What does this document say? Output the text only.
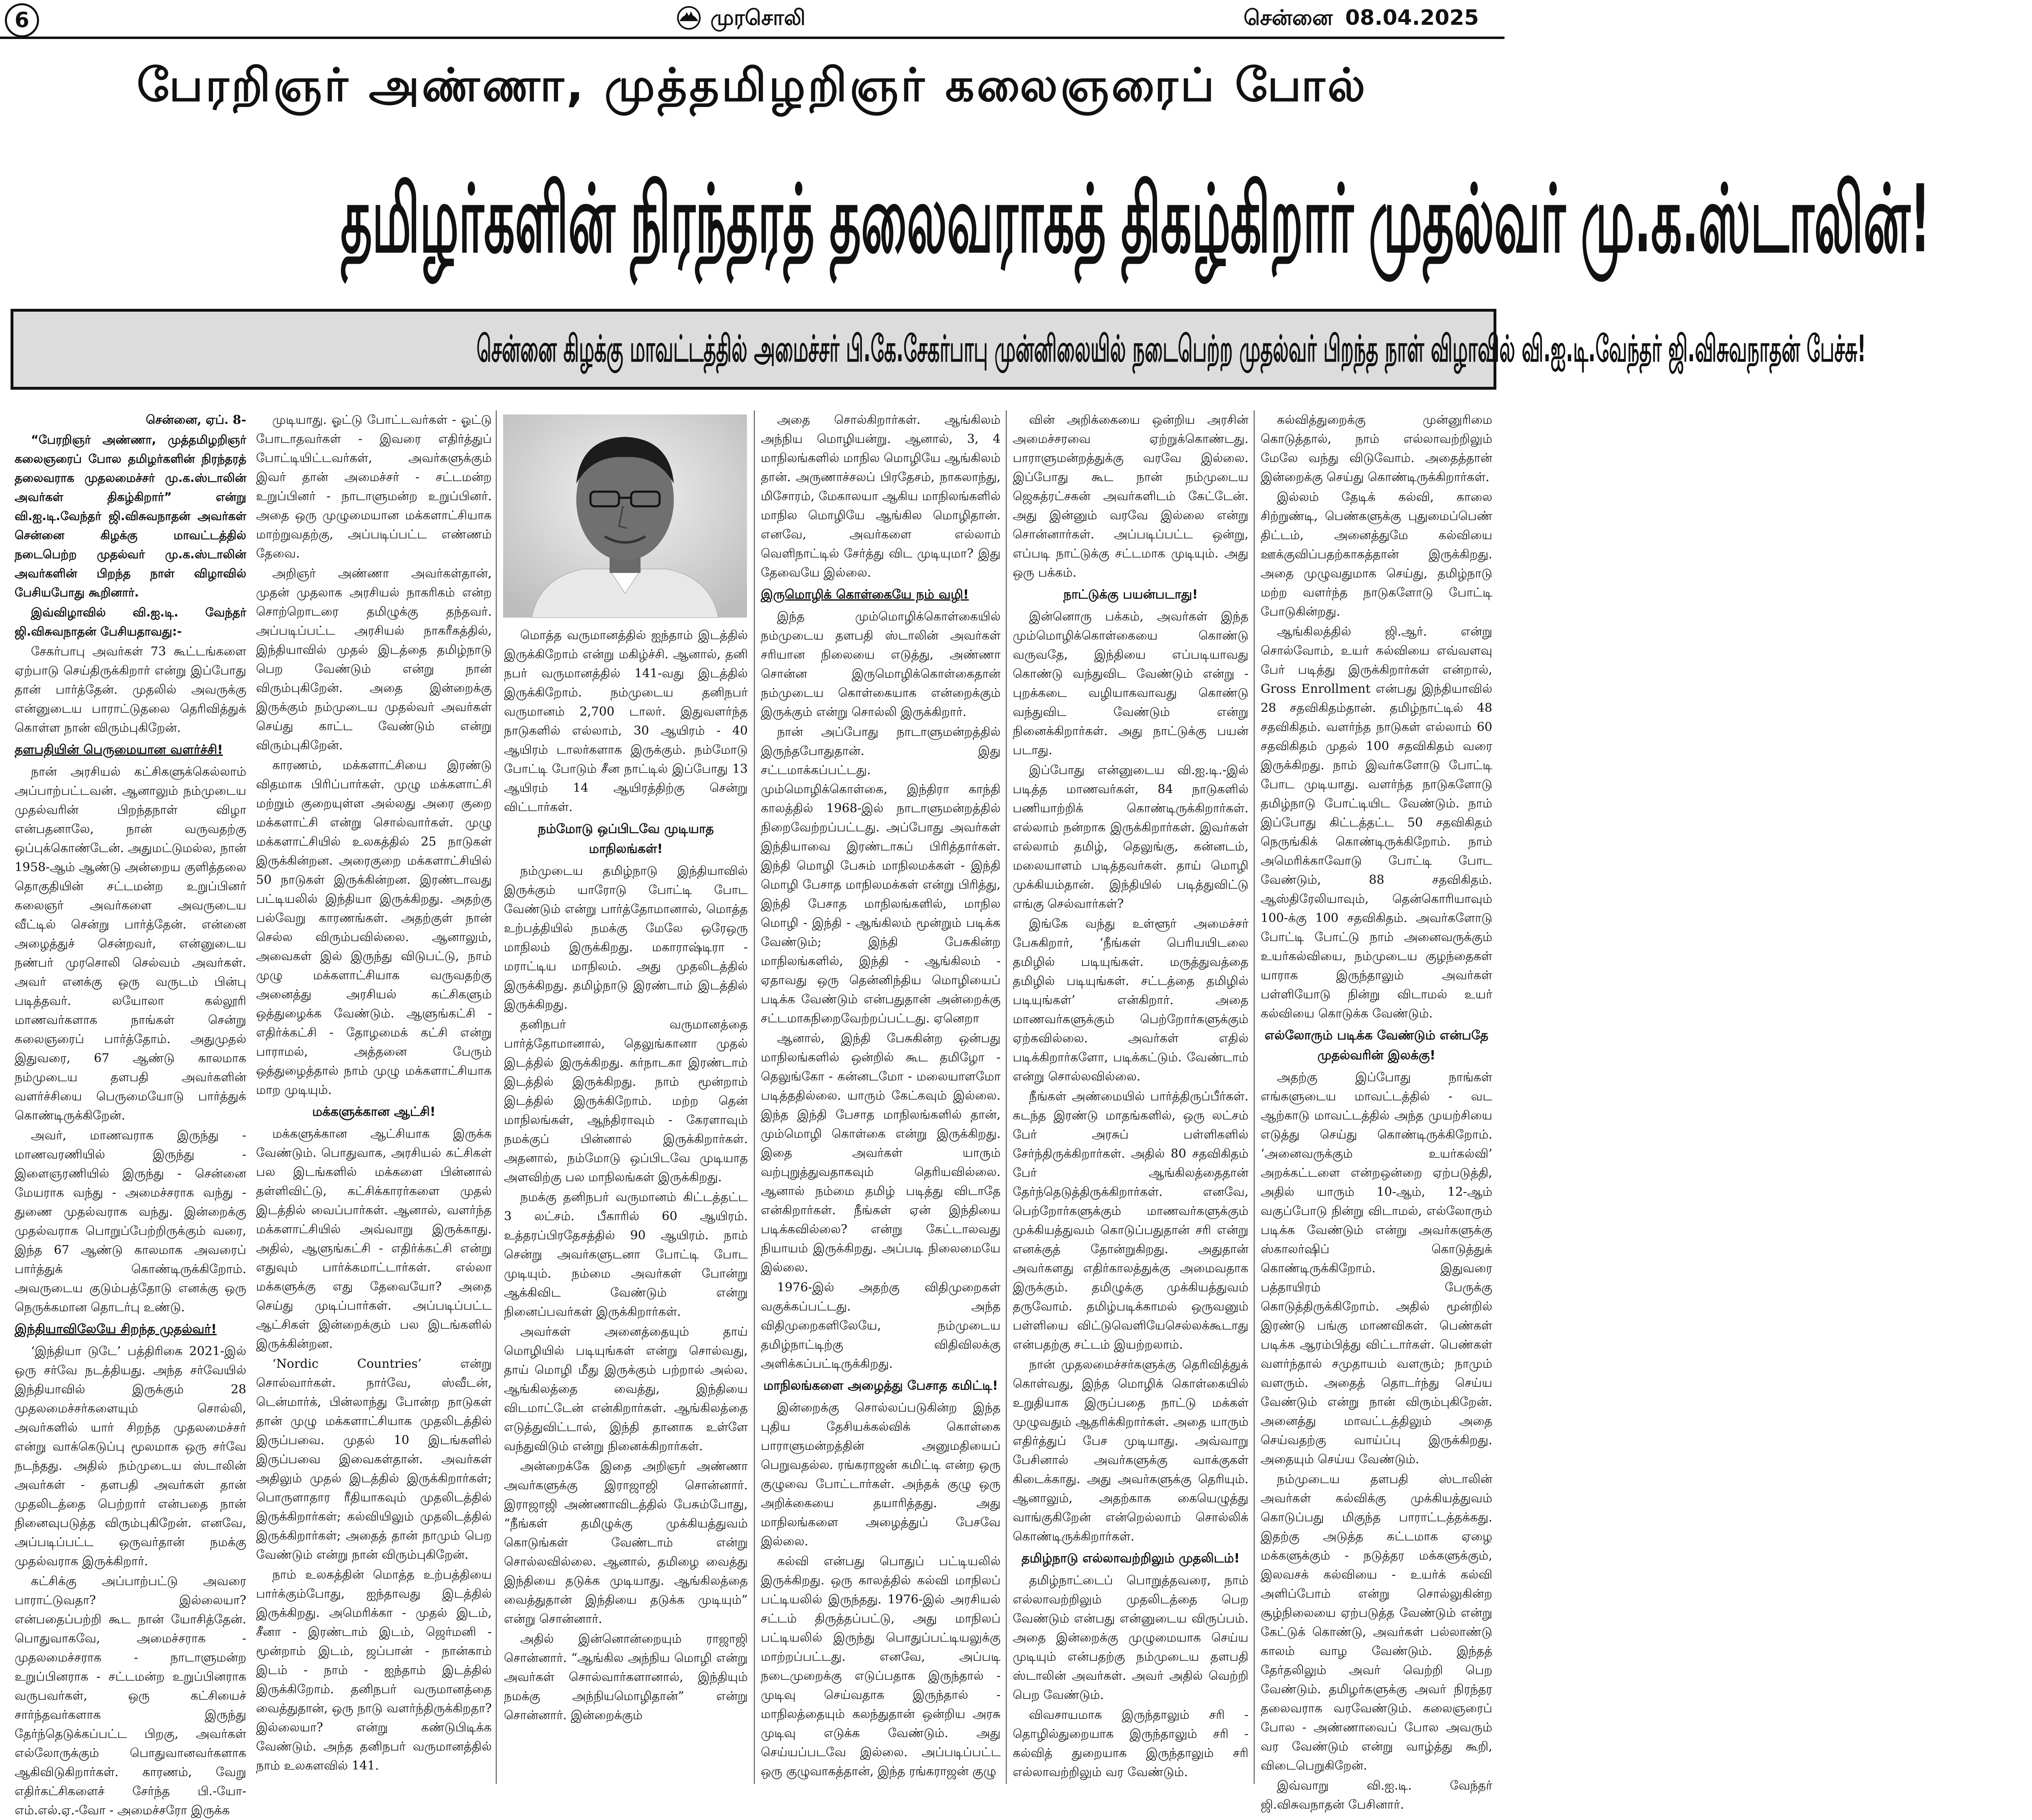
6	முரசொலி	சென்னை 08.04.2025
பேரறிஞர் அண்ணா, முத்தமிழறிஞர் கலைஞரைப் போல்
தமிழர்களின் நிரந்தரத் தலைவராகத் திகழ்கிறார் முதல்வர் மு.க.ஸ்டாலின்!
சென்னை கிழக்கு மாவட்டத்தில் அமைச்சர் பி.கே.சேகர்பாபு முன்னிலையில் நடைபெற்ற முதல்வர் பிறந்த நாள் விழாவில் வி.ஐ.டி.வேந்தர் ஜி.விசுவநாதன் பேச்சு!

சென்னை, ஏப். 8-

“பேரறிஞர் அண்ணா, முத்தமிழறிஞர் கலைஞரைப் போல தமிழர்களின் நிரந்தரத் தலைவராக முதலமைச்சர் மு.க.ஸ்டாலின் அவர்கள் திகழ்கிறார்” என்று வி.ஐ.டி.வேந்தர் ஜி.விசுவநாதன் அவர்கள் சென்னை கிழக்கு மாவட்டத்தில் நடைபெற்ற முதல்வர் மு.க.ஸ்டாலின் அவர்களின் பிறந்த நாள் விழாவில் பேசியபோது கூறினார்.

இவ்விழாவில் வி.ஐ.டி. வேந்தர் ஜி.விசுவநாதன் பேசியதாவது:-

சேகர்பாபு அவர்கள் 73 கூட்டங்களை ஏற்பாடு செய்திருக்கிறார் என்று இப்போது தான் பார்த்தேன். முதலில் அவருக்கு என்னுடைய பாராட்டுதலை தெரிவித்துக் கொள்ள நான் விரும்புகிறேன்.

தளபதியின் பெருமையான வளர்ச்சி!

நான் அரசியல் கட்சிகளுக்கெல்லாம் அப்பாற்பட்டவன். ஆனாலும் நம்முடைய முதல்வரின் பிறந்தநாள் விழா என்பதனாலே, நான் வருவதற்கு ஒப்புக்கொண்டேன். அதுமட்டுமல்ல, நான் 1958-ஆம் ஆண்டு அன்றைய குளித்தலை தொகுதியின் சட்டமன்ற உறுப்பினர் கலைஞர் அவர்களை அவருடைய வீட்டில் சென்று பார்த்தேன். என்னை அழைத்துச் சென்றவர், என்னுடைய நண்பர் முரசொலி செல்வம் அவர்கள். அவர் எனக்கு ஒரு வருடம் பின்பு படித்தவர். லயோலா கல்லூரி மாணவர்களாக நாங்கள் சென்று கலைஞரைப் பார்த்தோம். அதுமுதல் இதுவரை, 67 ஆண்டு காலமாக நம்முடைய தளபதி அவர்களின் வளர்ச்சியை பெருமையோடு பார்த்துக் கொண்டிருக்கிறேன்.

அவர், மாணவராக இருந்து - மாணவரணியில் இருந்து - இளைஞரணியில் இருந்து - சென்னை மேயராக வந்து - அமைச்சராக வந்து - துணை முதல்வராக வந்து. இன்றைக்கு முதல்வராக பொறுப்பேற்றிருக்கும் வரை, இந்த 67 ஆண்டு காலமாக அவரைப் பார்த்துக் கொண்டிருக்கிறோம். அவருடைய குடும்பத்தோடு எனக்கு ஒரு நெருக்கமான தொடர்பு உண்டு.

இந்தியாவிலேயே சிறந்த முதல்வர்!

‘இந்தியா டுடே’ பத்திரிகை 2021-இல் ஒரு சர்வே நடத்தியது. அந்த சர்வேயில் இந்தியாவில் இருக்கும் 28 முதலமைச்சர்களையும் சொல்லி, அவர்களில் யார் சிறந்த முதலமைச்சர் என்று வாக்கெடுப்பு மூலமாக ஒரு சர்வே நடந்தது. அதில் நம்முடைய ஸ்டாலின் அவர்கள் - தளபதி அவர்கள் தான் முதலிடத்தை பெற்றார் என்பதை நான் நினைவுபடுத்த விரும்புகிறேன். எனவே, அப்படிப்பட்ட ஒருவர்தான் நமக்கு முதல்வராக இருக்கிறார்.

கட்சிக்கு அப்பாற்பட்டு அவரை பாராட்டுவதா? இல்லையா? என்பதைப்பற்றி கூட நான் யோசித்தேன். பொதுவாகவே, அமைச்சராக - முதலமைச்சராக - நாடாளுமன்ற உறுப்பினராக - சட்டமன்ற உறுப்பினராக வருபவர்கள், ஒரு கட்சியைச் சார்ந்தவர்களாக இருந்து தேர்ந்தெடுக்கப்பட்ட பிறகு, அவர்கள் எல்லோருக்கும் பொதுவானவர்களாக ஆகிவிடுகிறார்கள். காரணம், வேறு எதிர்கட்சிகளைச் சேர்ந்த பி.-யோ- எம்.எல்.ஏ.-வோ - அமைச்சரோ இருக்க

முடியாது. ஓட்டு போட்டவர்கள் - ஓட்டு போடாதவர்கள் - இவரை எதிர்த்துப் போட்டியிட்டவர்கள், அவர்களுக்கும் இவர் தான் அமைச்சர் - சட்டமன்ற உறுப்பினர் - நாடாளுமன்ற உறுப்பினர். அதை ஒரு முழுமையான மக்களாட்சியாக மாற்றுவதற்கு, அப்படிப்பட்ட எண்ணம் தேவை.

அறிஞர் அண்ணா அவர்கள்தான், முதன் முதலாக அரசியல் நாகரிகம் என்ற சொற்றொடரை தமிழுக்கு தந்தவர். அப்படிப்பட்ட அரசியல் நாகரீகத்தில், இந்தியாவில் முதல் இடத்தை தமிழ்நாடு பெற வேண்டும் என்று நான் விரும்புகிறேன். அதை இன்றைக்கு இருக்கும் நம்முடைய முதல்வர் அவர்கள் செய்து காட்ட வேண்டும் என்று விரும்புகிறேன்.

காரணம், மக்களாட்சியை இரண்டு விதமாக பிரிப்பார்கள். முழு மக்களாட்சி மற்றும் குறையுள்ள அல்லது அரை குறை மக்களாட்சி என்று சொல்வார்கள். முழு மக்களாட்சியில் உலகத்தில் 25 நாடுகள் இருக்கின்றன. அரைகுறை மக்களாட்சியில் 50 நாடுகள் இருக்கின்றன. இரண்டாவது பட்டியலில் இந்தியா இருக்கிறது. அதற்கு பல்வேறு காரணங்கள். அதற்குள் நான் செல்ல விரும்பவில்லை. ஆனாலும், அவைகள் இல் இருந்து விடுபட்டு, நாம் முழு மக்களாட்சியாக வருவதற்கு அனைத்து அரசியல் கட்சிகளும் ஒத்துழைக்க வேண்டும். ஆளுங்கட்சி - எதிர்க்கட்சி - தோழமைக் கட்சி என்று பாராமல், அத்தனை பேரும் ஒத்துழைத்தால் நாம் முழு மக்களாட்சியாக மாற முடியும்.

மக்களுக்கான ஆட்சி!

மக்களுக்கான ஆட்சியாக இருக்க வேண்டும். பொதுவாக, அரசியல் கட்சிகள் பல இடங்களில் மக்களை பின்னால் தள்ளிவிட்டு, கட்சிக்காரர்களை முதல் இடத்தில் வைப்பார்கள். ஆனால், வளர்ந்த மக்களாட்சியில் அவ்வாறு இருக்காது. அதில், ஆளுங்கட்சி - எதிர்க்கட்சி என்று எதுவும் பார்க்கமாட்டார்கள். எல்லா மக்களுக்கு எது தேவையோ? அதை செய்து முடிப்பார்கள். அப்படிப்பட்ட ஆட்சிகள் இன்றைக்கும் பல இடங்களில் இருக்கின்றன.

‘Nordic Countries’ என்று சொல்வார்கள். நார்வே, ஸ்வீடன், டென்மார்க், பின்லாந்து போன்ற நாடுகள் தான் முழு மக்களாட்சியாக முதலிடத்தில் இருப்பவை. முதல் 10 இடங்களில் இருப்பவை இவைகள்தான். அவர்கள் அதிலும் முதல் இடத்தில் இருக்கிறார்கள்; பொருளாதார ரீதியாகவும் முதலிடத்தில் இருக்கிறார்கள்; கல்வியிலும் முதலிடத்தில் இருக்கிறார்கள்; அதைத் தான் நாமும் பெற வேண்டும் என்று நான் விரும்புகிறேன்.

நாம் உலகத்தின் மொத்த உற்பத்தியை பார்க்கும்போது, ஐந்தாவது இடத்தில் இருக்கிறது. அமெரிக்கா - முதல் இடம், சீனா - இரண்டாம் இடம், ஜெர்மனி - மூன்றாம் இடம், ஜப்பான் - நான்காம் இடம் - நாம் - ஐந்தாம் இடத்தில் இருக்கிறோம். தனிநபர் வருமானத்தை வைத்துதான், ஒரு நாடு வளர்ந்திருக்கிறதா? இல்லையா? என்று கண்டுபிடிக்க வேண்டும். அந்த தனிநபர் வருமானத்தில் நாம் உலகளவில் 141.

மொத்த வருமானத்தில் ஐந்தாம் இடத்தில் இருக்கிறோம் என்று மகிழ்ச்சி. ஆனால், தனி நபர் வருமானத்தில் 141-வது இடத்தில் இருக்கிறோம். நம்முடைய தனிநபர் வருமானம் 2,700 டாலர். இதுவளர்ந்த நாடுகளில் எல்லாம், 30 ஆயிரம் - 40 ஆயிரம் டாலர்களாக இருக்கும். நம்மோடு போட்டி போடும் சீன நாட்டில் இப்போது 13 ஆயிரம் 14 ஆயிரத்திற்கு சென்று விட்டார்கள்.

நம்மோடு ஒப்பிடவே முடியாத மாநிலங்கள்!

நம்முடைய தமிழ்நாடு இந்தியாவில் இருக்கும் யாரோடு போட்டி போட வேண்டும் என்று பார்த்தோமானால், மொத்த உற்பத்தியில் நமக்கு மேலே ஒரேஒரு மாநிலம் இருக்கிறது. மகாராஷ்டிரா - மராட்டிய மாநிலம். அது முதலிடத்தில் இருக்கிறது. தமிழ்நாடு இரண்டாம் இடத்தில் இருக்கிறது.

தனிநபர் வருமானத்தை பார்த்தோமானால், தெலுங்கானா முதல் இடத்தில் இருக்கிறது. கர்நாடகா இரண்டாம் இடத்தில் இருக்கிறது. நாம் மூன்றாம் இடத்தில் இருக்கிறோம். மற்ற தென் மாநிலங்கள், ஆந்திராவும் - கேரளாவும் நமக்குப் பின்னால் இருக்கிறார்கள். அதனால், நம்மோடு ஒப்பிடவே முடியாத அளவிற்கு பல மாநிலங்கள் இருக்கிறது.

நமக்கு தனிநபர் வருமானம் கிட்டத்தட்ட 3 லட்சம். பீகாரில் 60 ஆயிரம். உத்தரப்பிரதேசத்தில் 90 ஆயிரம். நாம் சென்று அவர்களுடனா போட்டி போட முடியும். நம்மை அவர்கள் போன்று ஆக்கிவிட வேண்டும் என்று நினைப்பவர்கள் இருக்கிறார்கள்.

அவர்கள் அனைத்தையும் தாய் மொழியில் படியுங்கள் என்று சொல்வது, தாய் மொழி மீது இருக்கும் பற்றால் அல்ல. ஆங்கிலத்தை வைத்து, இந்தியை விடமாட்டேன் என்கிறார்கள். ஆங்கிலத்தை எடுத்துவிட்டால், இந்தி தானாக உள்ளே வந்துவிடும் என்று நினைக்கிறார்கள்.

அன்றைக்கே இதை அறிஞர் அண்ணா அவர்களுக்கு இராஜாஜி சொன்னார். இராஜாஜி அண்ணாவிடத்தில் பேசும்போது, “நீங்கள் தமிழுக்கு முக்கியத்துவம் கொடுங்கள் வேண்டாம் என்று சொல்லவில்லை. ஆனால், தமிழை வைத்து இந்தியை தடுக்க முடியாது. ஆங்கிலத்தை வைத்துதான் இந்தியை தடுக்க முடியும்” என்று சொன்னார்.

அதில் இன்னொன்றையும் ராஜாஜி சொன்னார். “ஆங்கில அந்நிய மொழி என்று அவர்கள் சொல்வார்களானால், இந்தியும் நமக்கு அந்நியமொழிதான்” என்று சொன்னார். இன்றைக்கும்

அதை சொல்கிறார்கள். ஆங்கிலம் அந்நிய மொழியன்று. ஆனால், 3, 4 மாநிலங்களில் மாநில மொழியே ஆங்கிலம் தான். அருணாச்சலப் பிரதேசம், நாகலாந்து, மிசோரம், மேகாலயா ஆகிய மாநிலங்களில் மாநில மொழியே ஆங்கில மொழிதான். எனவே, அவர்களை எல்லாம் வெளிநாட்டில் சேர்த்து விட முடியுமா? இது தேவையே இல்லை.

இருமொழிக் கொள்கையே நம் வழி!

இந்த மும்மொழிக்கொள்கையில் நம்முடைய தளபதி ஸ்டாலின் அவர்கள் சரியான நிலையை எடுத்து, அண்ணா சொன்ன இருமொழிக்கொள்கைதான் நம்முடைய கொள்கையாக என்றைக்கும் இருக்கும் என்று சொல்லி இருக்கிறார்.

நான் அப்போது நாடாளுமன்றத்தில் இருந்தபோதுதான். இது சட்டமாக்கப்பட்டது. மும்மொழிக்கொள்கை, இந்திரா காந்தி காலத்தில் 1968-இல் நாடாளுமன்றத்தில் நிறைவேற்றப்பட்டது. அப்போது அவர்கள் இந்தியாவை இரண்டாகப் பிரித்தார்கள். இந்தி மொழி பேசும் மாநிலமக்கள் - இந்தி மொழி பேசாத மாநிலமக்கள் என்று பிரித்து, இந்தி பேசாத மாநிலங்களில், மாநில மொழி - இந்தி - ஆங்கிலம் மூன்றும் படிக்க வேண்டும்; இந்தி பேசுகின்ற மாநிலங்களில், இந்தி - ஆங்கிலம் - ஏதாவது ஒரு தென்னிந்திய மொழியைப் படிக்க வேண்டும் என்பதுதான் அன்றைக்கு சட்டமாகநிறைவேற்றப்பட்டது. ஏனெறா

ஆனால், இந்தி பேசுகின்ற ஒன்பது மாநிலங்களில் ஒன்றில் கூட தமிழோ - தெலுங்கோ - கன்னடமோ - மலையாளமோ படித்ததில்லை. யாரும் கேட்கவும் இல்லை. இந்த இந்தி பேசாத மாநிலங்களில் தான், மும்மொழி கொள்கை என்று இருக்கிறது. இதை அவர்கள் யாரும் வற்புறுத்துவதாகவும் தெரியவில்லை. ஆனால் நம்மை தமிழ் படித்து விடாதே என்கிறார்கள். நீங்கள் ஏன் இந்தியை படிக்கவில்லை? என்று கேட்டாலவது நியாயம் இருக்கிறது. அப்படி நிலைமையே இல்லை.

1976-இல் அதற்கு விதிமுறைகள் வகுக்கப்பட்டது. அந்த விதிமுறைகளிலேயே, நம்முடைய தமிழ்நாட்டிற்கு விதிவிலக்கு அளிக்கப்பட்டிருக்கிறது.

மாநிலங்களை அழைத்து பேசாத கமிட்டி!

இன்றைக்கு சொல்லப்படுகின்ற இந்த புதிய தேசியக்கல்விக் கொள்கை பாராளுமன்றத்தின் அனுமதியைப் பெறுவதல்ல. ரங்கராஜன் கமிட்டி என்ற ஒரு குழுவை போட்டார்கள். அந்தக் குழு ஒரு அறிக்கையை தயாரித்தது. அது மாநிலங்களை அழைத்துப் பேசவே இல்லை.

கல்வி என்பது பொதுப் பட்டியலில் இருக்கிறது. ஒரு காலத்தில் கல்வி மாநிலப் பட்டியலில் இருந்தது. 1976-இல் அரசியல் சட்டம் திருத்தப்பட்டு, அது மாநிலப் பட்டியலில் இருந்து பொதுப்பட்டியலுக்கு மாற்றப்பட்டது. எனவே, அப்படி நடைமுறைக்கு எடுப்பதாக இருந்தால் - முடிவு செய்வதாக இருந்தால் - மாநிலத்தையும் கலந்துதான் ஒன்றிய அரசு முடிவு எடுக்க வேண்டும். அது செய்யப்படவே இல்லை. அப்படிப்பட்ட ஒரு குழுவாகத்தான், இந்த ரங்கராஜன் குழு

வின் அறிக்கையை ஒன்றிய அரசின் அமைச்சரவை ஏற்றுக்கொண்டது. பாராளுமன்றத்துக்கு வரவே இல்லை. இப்போது கூட நான் நம்முடைய ஜெகத்ரட்சகன் அவர்களிடம் கேட்டேன். அது இன்னும் வரவே இல்லை என்று சொன்னார்கள். அப்படிப்பட்ட ஒன்று, எப்படி நாட்டுக்கு சட்டமாக முடியும். அது ஒரு பக்கம்.

நாட்டுக்கு பயன்படாது!

இன்னொரு பக்கம், அவர்கள் இந்த மும்மொழிக்கொள்கையை கொண்டு வருவதே, இந்தியை எப்படியாவது கொண்டு வந்துவிட வேண்டும் என்று - புறக்கடை வழியாகவாவது கொண்டு வந்துவிட வேண்டும் என்று நினைக்கிறார்கள். அது நாட்டுக்கு பயன் படாது.

இப்போது என்னுடைய வி.ஐ.டி.-இல் படித்த மாணவர்கள், 84 நாடுகளில் பணியாற்றிக் கொண்டிருக்கிறார்கள். எல்லாம் நன்றாக இருக்கிறார்கள். இவர்கள் எல்லாம் தமிழ், தெலுங்கு, கன்னடம், மலையாளம் படித்தவர்கள். தாய் மொழி முக்கியம்தான். இந்தியில் படித்துவிட்டு எங்கு செல்வார்கள்?

இங்கே வந்து உள்ளூர் அமைச்சர் பேசுகிறார், ‘நீங்கள் பெரியயிடலை தமிழில் படியுங்கள். மருத்துவத்தை தமிழில் படியுங்கள். சட்டத்தை தமிழில் படியுங்கள்’ என்கிறார். அதை மாணவர்களுக்கும் பெற்றோர்களுக்கும் ஏற்கவில்லை. அவர்கள் எதில் படிக்கிறார்களோ, படிக்கட்டும். வேண்டாம் என்று சொல்லவில்லை.

நீங்கள் அண்மையில் பார்த்திருப்பீர்கள். கடந்த இரண்டு மாதங்களில், ஒரு லட்சம் பேர் அரசுப் பள்ளிகளில் சேர்ந்திருக்கிறார்கள். அதில் 80 சதவிகிதம் பேர் ஆங்கிலத்தைதான் தேர்ந்தெடுத்திருக்கிறார்கள். எனவே, பெற்றோர்களுக்கும் மாணவர்களுக்கும் முக்கியத்துவம் கொடுப்பதுதான் சரி என்று எனக்குத் தோன்றுகிறது. அதுதான் அவர்களது எதிர்காலத்துக்கு அமைவதாக இருக்கும். தமிழுக்கு முக்கியத்துவம் தருவோம். தமிழ்படிக்காமல் ஒருவனும் பள்ளியை விட்டுவெளியேசெல்லக்கூடாது என்பதற்கு சட்டம் இயற்றலாம்.

நான் முதலமைச்சர்களுக்கு தெரிவித்துக் கொள்வது, இந்த மொழிக் கொள்கையில் உறுதியாக இருப்பதை நாட்டு மக்கள் முழுவதும் ஆதரிக்கிறார்கள். அதை யாரும் எதிர்த்துப் பேச முடியாது. அவ்வாறு பேசினால் அவர்களுக்கு வாக்குகள் கிடைக்காது. அது அவர்களுக்கு தெரியும். ஆனாலும், அதற்காக கையெழுத்து வாங்குகிறேன் என்றெல்லாம் சொல்லிக் கொண்டிருக்கிறார்கள்.

தமிழ்நாடு எல்லாவற்றிலும் முதலிடம்!

தமிழ்நாட்டைப் பொறுத்தவரை, நாம் எல்லாவற்றிலும் முதலிடத்தை பெற வேண்டும் என்பது என்னுடைய விருப்பம். அதை இன்றைக்கு முழுமையாக செய்ய முடியும் என்பதற்கு நம்முடைய தளபதி ஸ்டாலின் அவர்கள். அவர் அதில் வெற்றி பெற வேண்டும்.

விவசாயமாக இருந்தாலும் சரி - தொழில்துறையாக இருந்தாலும் சரி - கல்வித் துறையாக இருந்தாலும் சரி எல்லாவற்றிலும் வர வேண்டும்.

கல்வித்துறைக்கு முன்னுரிமை கொடுத்தால், நாம் எல்லாவற்றிலும் மேலே வந்து விடுவோம். அதைத்தான் இன்றைக்கு செய்து கொண்டிருக்கிறார்கள்.

இல்லம் தேடிக் கல்வி, காலை சிற்றுண்டி, பெண்களுக்கு புதுமைப்பெண் திட்டம், அனைத்துமே கல்வியை ஊக்குவிப்பதற்காகத்தான் இருக்கிறது. அதை முழுவதுமாக செய்து, தமிழ்நாடு மற்ற வளர்ந்த நாடுகளோடு போட்டி போடுகின்றது.

ஆங்கிலத்தில் ஜி.ஆர். என்று சொல்வோம், உயர் கல்வியை எவ்வளவு பேர் படித்து இருக்கிறார்கள் என்றால், Gross Enrollment என்பது இந்தியாவில் 28 சதவிகிதம்தான். தமிழ்நாட்டில் 48 சதவிகிதம். வளர்ந்த நாடுகள் எல்லாம் 60 சதவிகிதம் முதல் 100 சதவிகிதம் வரை இருக்கிறது. நாம் இவர்களோடு போட்டி போட முடியாது. வளர்ந்த நாடுகளோடு தமிழ்நாடு போட்டியிட வேண்டும். நாம் இப்போது கிட்டத்தட்ட 50 சதவிகிதம் நெருங்கிக் கொண்டிருக்கிறோம். நாம் அமெரிக்காவோடு போட்டி போட வேண்டும், 88 சதவிகிதம். ஆஸ்திரேலியாவும், தென்கொரியாவும் 100-க்கு 100 சதவிகிதம். அவர்களோடு போட்டி போட்டு நாம் அனைவருக்கும் உயர்கல்வியை, நம்முடைய குழந்தைகள் யாராக இருந்தாலும் அவர்கள் பள்ளியோடு நின்று விடாமல் உயர் கல்வியை கொடுக்க வேண்டும்.

எல்லோரும் படிக்க வேண்டும் என்பதே முதல்வரின் இலக்கு!

அதற்கு இப்போது நாங்கள் எங்களுடைய மாவட்டத்தில் - வட ஆற்காடு மாவட்டத்தில் அந்த முயற்சியை எடுத்து செய்து கொண்டிருக்கிறோம். ‘அனைவருக்கும் உயர்கல்வி’ அறக்கட்டளை என்றஒன்றை ஏற்படுத்தி, அதில் யாரும் 10-ஆம், 12-ஆம் வகுப்போடு நின்று விடாமல், எல்லோரும் படிக்க வேண்டும் என்று அவர்களுக்கு ஸ்காலர்ஷிப் கொடுத்துக் கொண்டிருக்கிறோம். இதுவரை பத்தாயிரம் பேருக்கு கொடுத்திருக்கிறோம். அதில் மூன்றில் இரண்டு பங்கு மாணவிகள். பெண்கள் படிக்க ஆரம்பித்து விட்டார்கள். பெண்கள் வளர்ந்தால் சமுதாயம் வளரும்; நாமும் வளரும். அதைத் தொடர்ந்து செய்ய வேண்டும் என்று நான் விரும்புகிறேன். அனைத்து மாவட்டத்திலும் அதை செய்வதற்கு வாய்ப்பு இருக்கிறது. அதையும் செய்ய வேண்டும்.

நம்முடைய தளபதி ஸ்டாலின் அவர்கள் கல்விக்கு முக்கியத்துவம் கொடுப்பது மிகுந்த பாராட்டத்தக்கது. இதற்கு அடுத்த கட்டமாக ஏழை மக்களுக்கும் - நடுத்தர மக்களுக்கும், இலவசக் கல்வியை - உயர்க் கல்வி அளிப்போம் என்று சொல்லுகின்ற சூழ்நிலையை ஏற்படுத்த வேண்டும் என்று கேட்டுக் கொண்டு, அவர்கள் பல்லாண்டு காலம் வாழ வேண்டும். இந்தத் தேர்தலிலும் அவர் வெற்றி பெற வேண்டும். தமிழர்களுக்கு அவர் நிரந்தர தலைவராக வரவேண்டும். கலைஞரைப் போல - அண்ணாவைப் போல அவரும் வர வேண்டும் என்று வாழ்த்து கூறி, விடைபெறுகிறேன்.

இவ்வாறு வி.ஐ.டி. வேந்தர் ஜி.விசுவநாதன் பேசினார்.
